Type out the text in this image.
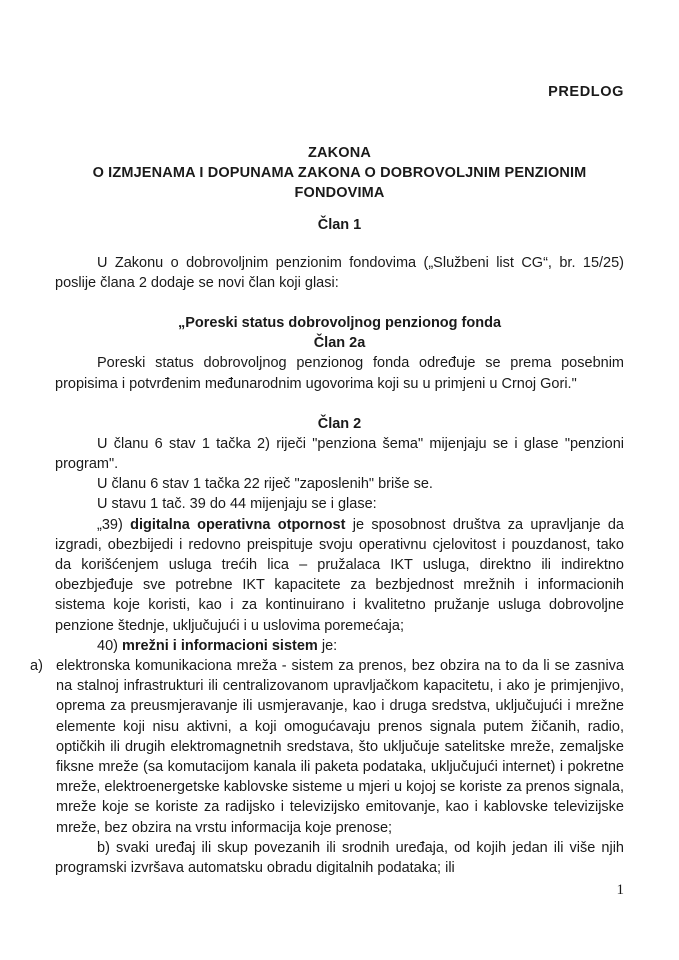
PREDLOG
ZAKONA
O IZMJENAMA I DOPUNAMA ZAKONA O DOBROVOLJNIM PENZIONIM
FONDOVIMA
Član 1

U Zakonu o dobrovoljnim penzionim fondovima („Službeni list CG“, br. 15/25) poslije člana 2 dodaje se novi član koji glasi:

„Poreski status dobrovoljnog penzionog fonda
Član 2a

Poreski status dobrovoljnog penzionog fonda određuje se prema posebnim propisima i potvrđenim međunarodnim ugovorima koji su u primjeni u Crnoj Gori."

Član 2

U članu 6 stav 1 tačka 2) riječi "penziona šema" mijenjaju se i glase "penzioni program".

U članu 6 stav 1 tačka 22 riječ "zaposlenih" briše se.

U stavu 1 tač. 39 do 44 mijenjaju se i glase:

„39) digitalna operativna otpornost je sposobnost društva za upravljanje da izgradi, obezbijedi i redovno preispituje svoju operativnu cjelovitost i pouzdanost, tako da korišćenjem usluga trećih lica – pružalaca IKT usluga, direktno ili indirektno obezbjeđuje sve potrebne IKT kapacitete za bezbjednost mrežnih i informacionih sistema koje koristi, kao i za kontinuirano i kvalitetno pružanje usluga dobrovoljne penzione štednje, uključujući i u uslovima poremećaja;

40) mrežni i informacioni sistem je:

a) elektronska komunikaciona mreža - sistem za prenos, bez obzira na to da li se zasniva na stalnoj infrastrukturi ili centralizovanom upravljačkom kapacitetu, i ako je primjenjivo, oprema za preusmjeravanje ili usmjeravanje, kao i druga sredstva, uključujući i mrežne elemente koji nisu aktivni, a koji omogućavaju prenos signala putem žičanih, radio, optičkih ili drugih elektromagnetnih sredstava, što uključuje satelitske mreže, zemaljske fiksne mreže (sa komutacijom kanala ili paketa podataka, uključujući internet) i pokretne mreže, elektroenergetske kablovske sisteme u mjeri u kojoj se koriste za prenos signala, mreže koje se koriste za radijsko i televizijsko emitovanje, kao i kablovske televizijske mreže, bez obzira na vrstu informacija koje prenose;

b) svaki uređaj ili skup povezanih ili srodnih uređaja, od kojih jedan ili više njih programski izvršava automatsku obradu digitalnih podataka; ili

1
